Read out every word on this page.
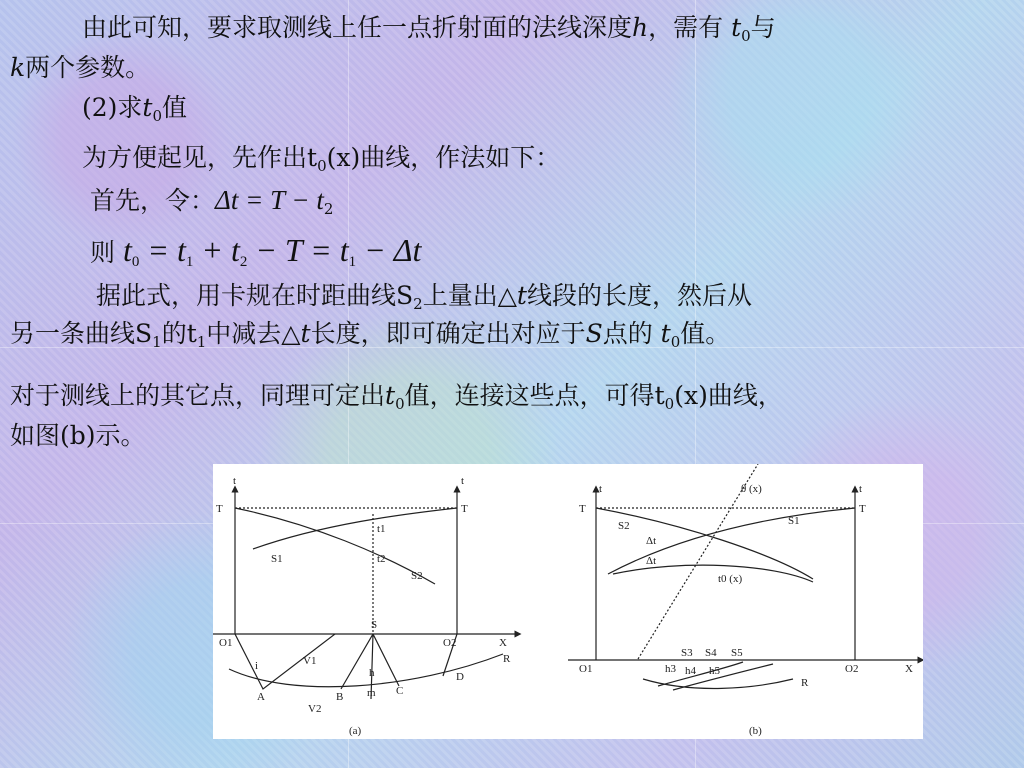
由此可知，要求取测线上任一点折射面的法线深度h，需有 $t_0$与
k两个参数。
(2)求$t_0$值
为方便起见，先作出$t_0(x)$曲线，作法如下：
首先，令：$\Delta t = T - t_2$
则 $t_0 = t_1 + t_2 - T = t_1 - \Delta t$
据此式，用卡规在时距曲线$S_2$上量出△t线段的长度，然后从
另一条曲线$S_1$的$t_1$中减去△t长度，即可确定出对应于S点的 $t_0$值。
对于测线上的其它点，同理可定出$t_0$值，连接这些点，可得$t_0(x)$曲线，
如图(b)示。
t	t
T	T
t1
t2
S1
S2
S
O1	O2	X
R
V1
V2
i
h
m
A	B	C
D
(a)
t	t
T	T
θ (x)
S1
S2
Δt
Δt
t0 (x)
S3 S4 S5
h3 h4 h5
O1	O2	X
R
(b)
